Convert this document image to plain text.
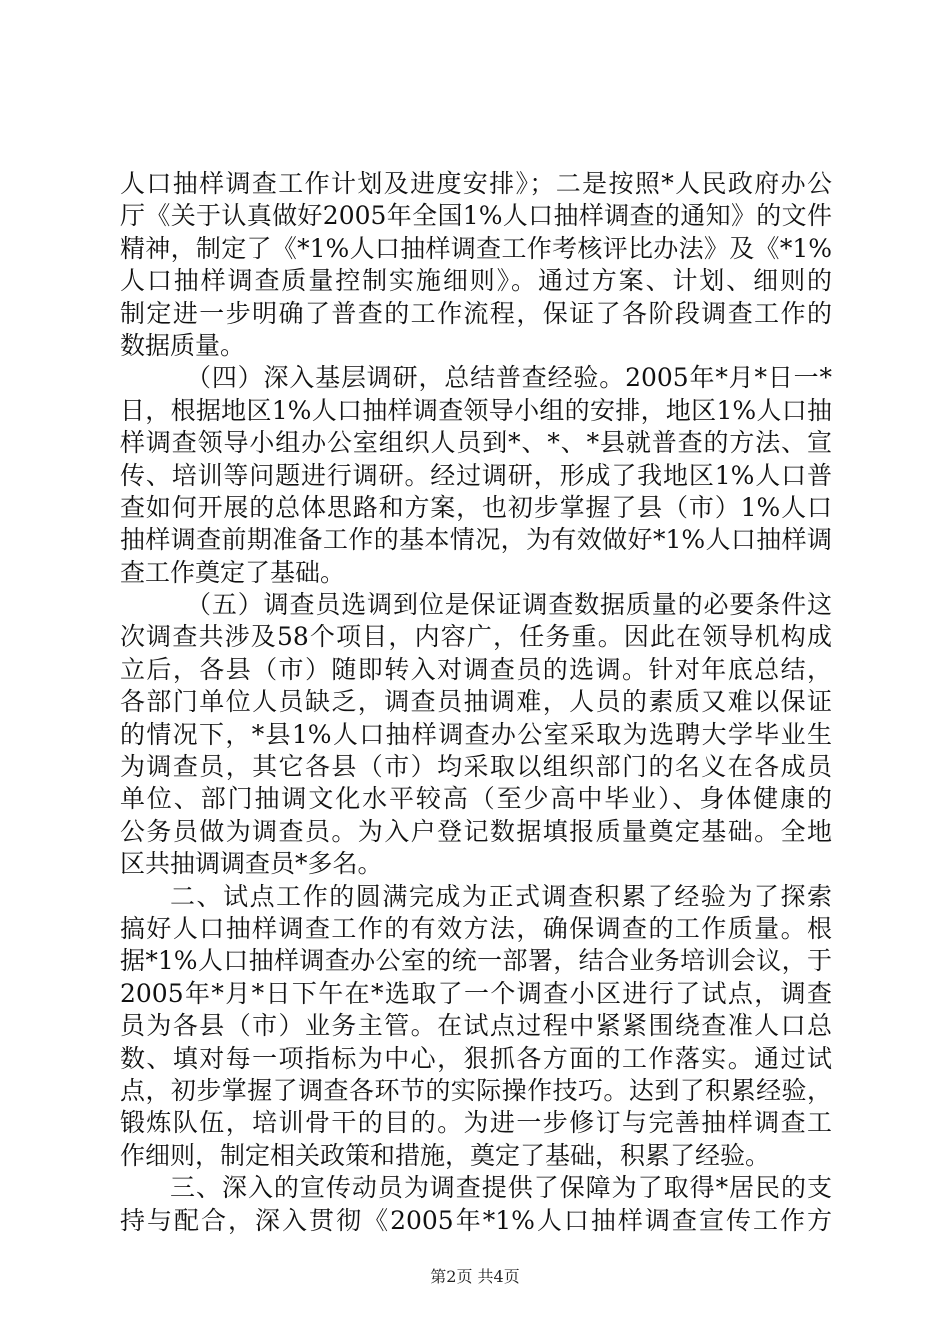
人口抽样调查工作计划及进度安排》；二是按照*人民政府办公
厅《关于认真做好2005年全国1%人口抽样调查的通知》的文件
精神，制定了《*1%人口抽样调查工作考核评比办法》及《*1%
人口抽样调查质量控制实施细则》。通过方案、计划、细则的
制定进一步明确了普查的工作流程，保证了各阶段调查工作的
数据质量。
（四）深入基层调研，总结普查经验。2005年*月*日一*
日，根据地区1%人口抽样调查领导小组的安排，地区1%人口抽
样调查领导小组办公室组织人员到*、*、*县就普查的方法、宣
传、培训等问题进行调研。经过调研，形成了我地区1%人口普
查如何开展的总体思路和方案，也初步掌握了县（市）1%人口
抽样调查前期准备工作的基本情况，为有效做好*1%人口抽样调
查工作奠定了基础。
（五）调查员选调到位是保证调查数据质量的必要条件这
次调查共涉及58个项目，内容广，任务重。因此在领导机构成
立后，各县（市）随即转入对调查员的选调。针对年底总结，
各部门单位人员缺乏，调查员抽调难，人员的素质又难以保证
的情况下，*县1%人口抽样调查办公室采取为选聘大学毕业生
为调查员，其它各县（市）均采取以组织部门的名义在各成员
单位、部门抽调文化水平较高（至少高中毕业）、身体健康的
公务员做为调查员。为入户登记数据填报质量奠定基础。全地
区共抽调调查员*多名。
二、试点工作的圆满完成为正式调查积累了经验为了探索
搞好人口抽样调查工作的有效方法，确保调查的工作质量。根
据*1%人口抽样调查办公室的统一部署，结合业务培训会议，于
2005年*月*日下午在*选取了一个调查小区进行了试点，调查
员为各县（市）业务主管。在试点过程中紧紧围绕查准人口总
数、填对每一项指标为中心，狠抓各方面的工作落实。通过试
点，初步掌握了调查各环节的实际操作技巧。达到了积累经验，
锻炼队伍，培训骨干的目的。为进一步修订与完善抽样调查工
作细则，制定相关政策和措施，奠定了基础，积累了经验。
三、深入的宣传动员为调查提供了保障为了取得*居民的支
持与配合，深入贯彻《2005年*1%人口抽样调查宣传工作方
第2页 共4页
